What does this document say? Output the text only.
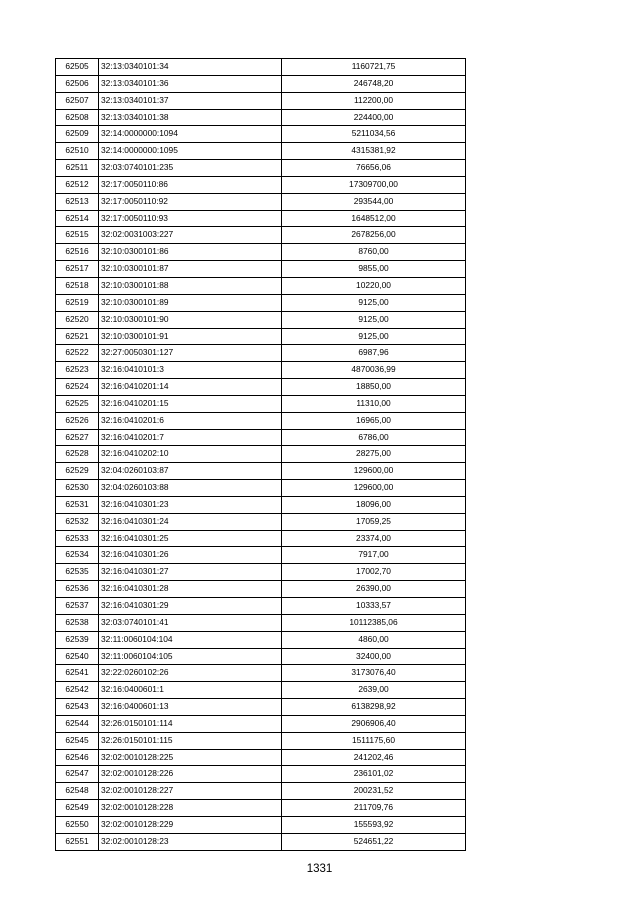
62505	32:13:0340101:34	1160721,75
62506	32:13:0340101:36	246748,20
62507	32:13:0340101:37	112200,00
62508	32:13:0340101:38	224400,00
62509	32:14:0000000:1094	5211034,56
62510	32:14:0000000:1095	4315381,92
62511	32:03:0740101:235	76656,06
62512	32:17:0050110:86	17309700,00
62513	32:17:0050110:92	293544,00
62514	32:17:0050110:93	1648512,00
62515	32:02:0031003:227	2678256,00
62516	32:10:0300101:86	8760,00
62517	32:10:0300101:87	9855,00
62518	32:10:0300101:88	10220,00
62519	32:10:0300101:89	9125,00
62520	32:10:0300101:90	9125,00
62521	32:10:0300101:91	9125,00
62522	32:27:0050301:127	6987,96
62523	32:16:0410101:3	4870036,99
62524	32:16:0410201:14	18850,00
62525	32:16:0410201:15	11310,00
62526	32:16:0410201:6	16965,00
62527	32:16:0410201:7	6786,00
62528	32:16:0410202:10	28275,00
62529	32:04:0260103:87	129600,00
62530	32:04:0260103:88	129600,00
62531	32:16:0410301:23	18096,00
62532	32:16:0410301:24	17059,25
62533	32:16:0410301:25	23374,00
62534	32:16:0410301:26	7917,00
62535	32:16:0410301:27	17002,70
62536	32:16:0410301:28	26390,00
62537	32:16:0410301:29	10333,57
62538	32:03:0740101:41	10112385,06
62539	32:11:0060104:104	4860,00
62540	32:11:0060104:105	32400,00
62541	32:22:0260102:26	3173076,40
62542	32:16:0400601:1	2639,00
62543	32:16:0400601:13	6138298,92
62544	32:26:0150101:114	2906906,40
62545	32:26:0150101:115	1511175,60
62546	32:02:0010128:225	241202,46
62547	32:02:0010128:226	236101,02
62548	32:02:0010128:227	200231,52
62549	32:02:0010128:228	211709,76
62550	32:02:0010128:229	155593,92
62551	32:02:0010128:23	524651,22
1331
